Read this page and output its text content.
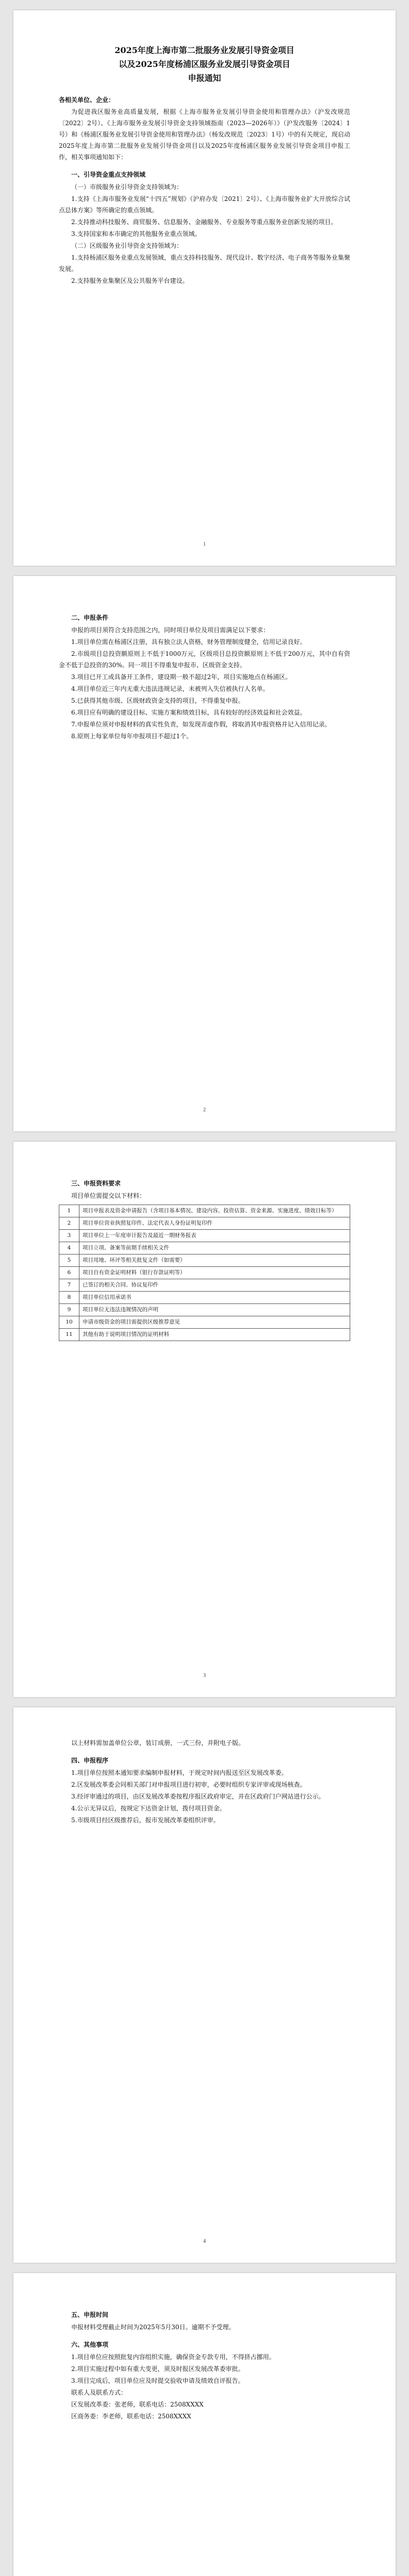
2025年度上海市第二批服务业发展引导资金项目
以及2025年度杨浦区服务业发展引导资金项目
申报通知

各相关单位、企业：

为促进我区服务业高质量发展，根据《上海市服务业发展引导资金使用和管理办法》（沪发改规范〔2022〕2号）、《上海市服务业发展引导资金支持领域指南（2023—2026年）》（沪发改服务〔2024〕1号）和《杨浦区服务业发展引导资金使用和管理办法》（杨发改规范〔2023〕1号）中的有关规定，现启动2025年度上海市第二批服务业发展引导资金项目以及2025年度杨浦区服务业发展引导资金项目申报工作，相关事项通知如下：

一、引导资金重点支持领域

（一）市级服务业引导资金支持领域为：

1.支持《上海市服务业发展“十四五”规划》（沪府办发〔2021〕2号）、《上海市服务业扩大开放综合试点总体方案》等所确定的重点领域。

2.支持推动科技服务、商贸服务、信息服务、金融服务、专业服务等重点服务业创新发展的项目。

3.支持国家和本市确定的其他服务业重点领域。

（二）区级服务业引导资金支持领域为：

1.支持杨浦区服务业重点发展领域，重点支持科技服务、现代设计、数字经济、电子商务等服务业集聚发展。

2.支持服务业集聚区及公共服务平台建设。

1

二、申报条件

申报的项目须符合支持范围之内，同时项目单位及项目需满足以下要求：

1.项目单位需在杨浦区注册，具有独立法人资格，财务管理制度健全，信用记录良好。

2.市级项目总投资额原则上不低于1000万元，区级项目总投资额原则上不低于200万元，其中自有资金不低于总投资的30%。同一项目不得重复申报市、区级资金支持。

3.项目已开工或具备开工条件，建设期一般不超过2年，项目实施地点在杨浦区。

4.项目单位近三年内无重大违法违规记录，未被列入失信被执行人名单。

5.已获得其他市级、区级财政资金支持的项目，不得重复申报。

6.项目应有明确的建设目标、实施方案和绩效目标，具有较好的经济效益和社会效益。

7.申报单位须对申报材料的真实性负责，如发现弄虚作假，将取消其申报资格并记入信用记录。

8.原则上每家单位每年申报项目不超过1个。

2

三、申报资料要求

项目单位需提交以下材料：

1	项目申报表及资金申请报告（含项目基本情况、建设内容、投资估算、资金来源、实施进度、绩效目标等）
2	项目单位营业执照复印件、法定代表人身份证明复印件
3	项目单位上一年度审计报告及最近一期财务报表
4	项目立项、备案等前期手续相关文件
5	项目用地、环评等相关批复文件（如需要）
6	项目自有资金证明材料（银行存款证明等）
7	已签订的相关合同、协议复印件
8	项目单位信用承诺书
9	项目单位无违法违规情况的声明
10	申请市级资金的项目需提供区级推荐意见
11	其他有助于说明项目情况的证明材料
3

以上材料需加盖单位公章，装订成册，一式三份，并附电子版。

四、申报程序

1.项目单位按照本通知要求编制申报材料，于规定时间内报送至区发展改革委。

2.区发展改革委会同相关部门对申报项目进行初审，必要时组织专家评审或现场核查。

3.经评审通过的项目，由区发展改革委按程序报区政府审定，并在区政府门户网站进行公示。

4.公示无异议后，按规定下达资金计划，拨付项目资金。

5.市级项目经区级推荐后，报市发展改革委组织评审。

4

五、申报时间

申报材料受理截止时间为2025年5月30日。逾期不予受理。

六、其他事项

1.项目单位应按照批复内容组织实施，确保资金专款专用，不得挤占挪用。

2.项目实施过程中如有重大变更，须及时报区发展改革委审批。

3.项目完成后，项目单位应及时提交验收申请及绩效自评报告。

联系人及联系方式：

区发展改革委：张老师，联系电话：2508XXXX

区商务委：李老师，联系电话：2508XXXX
